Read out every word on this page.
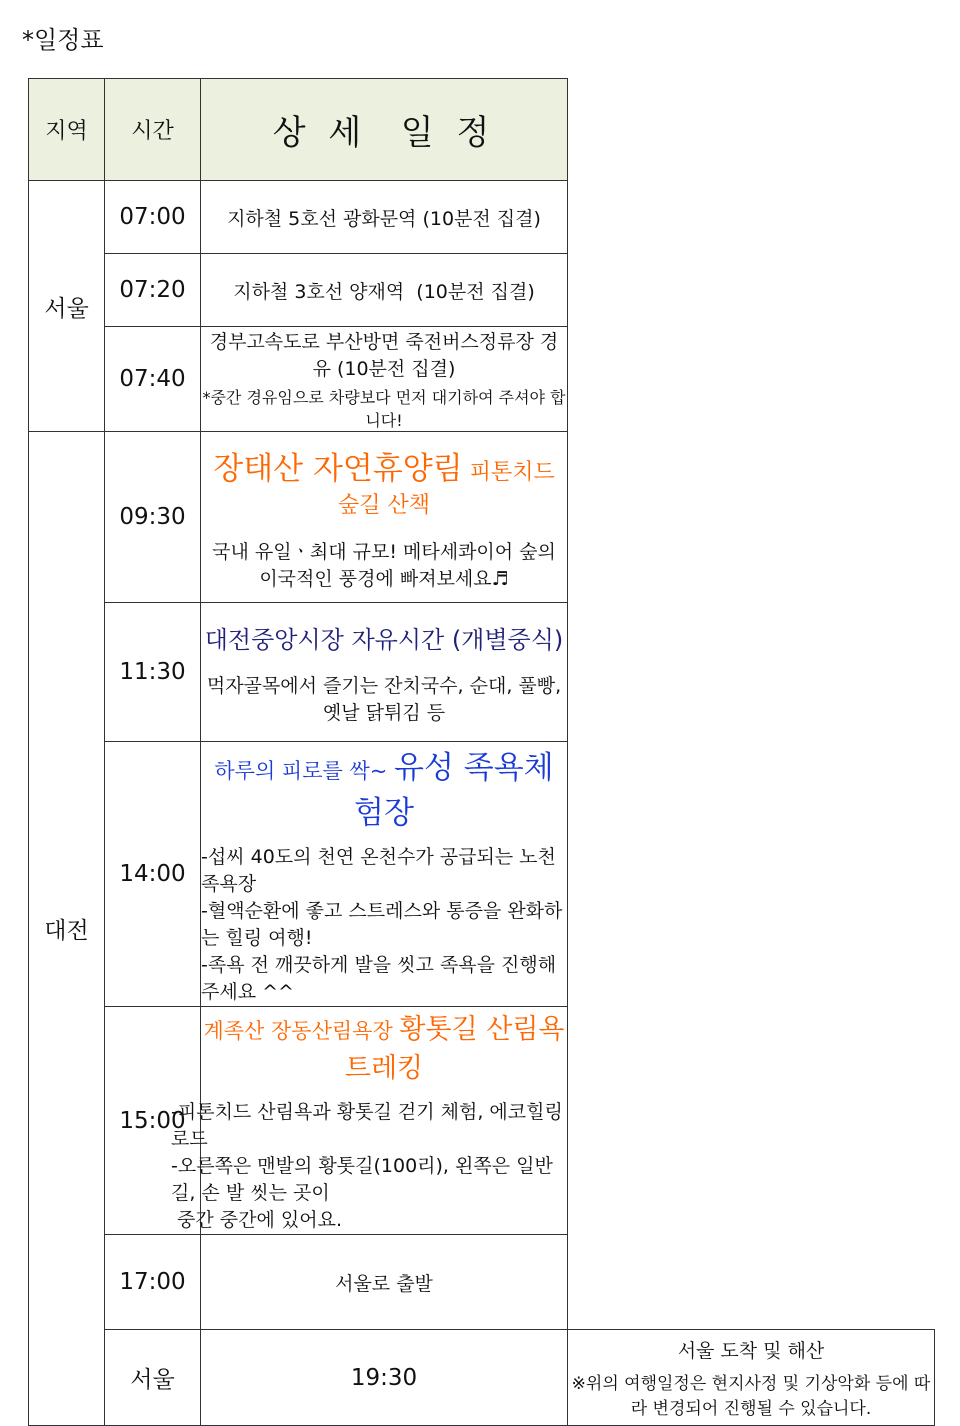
*일정표
지역	시간	상 세  일 정	
서울	07:00	지하철 5호선 광화문역 (10분전 집결)	
	07:20	지하철 3호선 양재역  (10분전 집결)	
	07:40	경부고속도로 부산방면 죽전버스정류장 경유 (10분전 집결)
*중간 경유임으로 차량보다 먼저 대기하여 주셔야 합니다!	

대전	09:30	장태산 자연휴양림 피톤치드 숲길 산책
국내 유일ㆍ최대 규모! 메타세콰이어 숲의 이국적인 풍경에 빠져보세요♬	

	11:30	대전중앙시장 자유시간 (개별중식)
먹자골목에서 즐기는 잔치국수, 순대, 풀빵, 옛날 닭튀김 등	

	14:00	하루의 피로를 싹~ 유성 족욕체험장
-섭씨 40도의 천연 온천수가 공급되는 노천족욕장
-혈액순환에 좋고 스트레스와 통증을 완화하는 힐링 여행!
-족욕 전 깨끗하게 발을 씻고 족욕을 진행해주세요 ^^	

	15:00	계족산 장동산림욕장 황톳길 산림욕 트레킹
-피톤치드 산림욕과 황톳길 걷기 체험, 에코힐링로드
-오른쪽은 맨발의 황톳길(100리), 왼쪽은 일반 길, 손 발 씻는 곳이
중간 중간에 있어요.	

	17:00	서울로 출발	
	서울	19:30	서울 도착 및 해산
※위의 여행일정은 현지사정 및 기상악화 등에 따라 변경되어 진행될 수 있습니다.
